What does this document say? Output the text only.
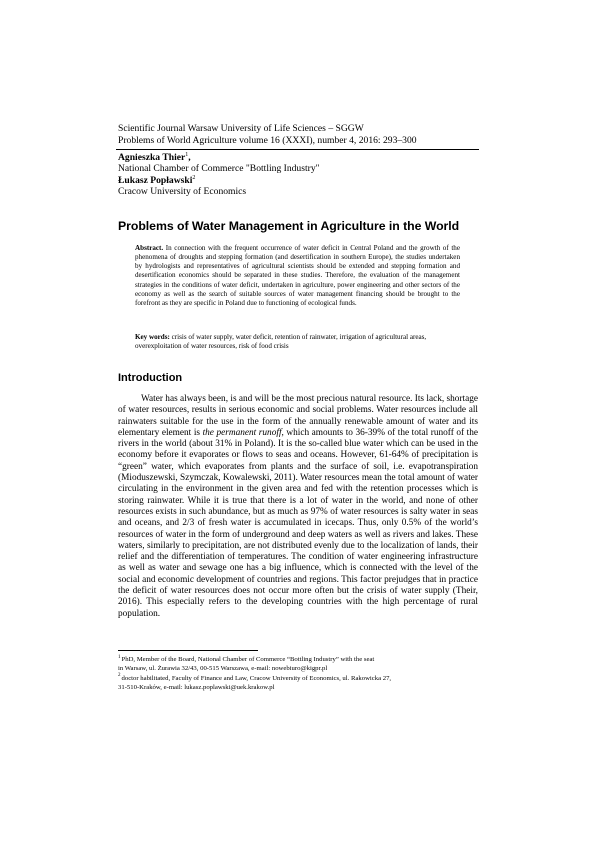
Scientific Journal Warsaw University of Life Sciences – SGGW
Problems of World Agriculture volume 16 (XXXI), number 4, 2016: 293–300
Agnieszka Thier$^1$,
National Chamber of Commerce "Bottling Industry"
Łukasz Popławski$^2$
Cracow University of Economics
Problems of Water Management in Agriculture in the World
Abstract. In connection with the frequent occurrence of water deficit in Central Poland and the growth of the phenomena of droughts and stepping formation (and desertification in southern Europe), the studies undertaken by hydrologists and representatives of agricultural scientists should be extended and stepping formation and desertification economics should be separated in these studies. Therefore, the evaluation of the management strategies in the conditions of water deficit, undertaken in agriculture, power engineering and other sectors of the economy as well as the search of suitable sources of water management financing should be brought to the forefront as they are specific in Poland due to functioning of ecological funds.
Key words: crisis of water supply, water deficit, retention of rainwater, irrigation of agricultural areas, overexploitation of water resources, risk of food crisis
Introduction
Water has always been, is and will be the most precious natural resource. Its lack, shortage of water resources, results in serious economic and social problems. Water resources include all rainwaters suitable for the use in the form of the annually renewable amount of water and its elementary element is the permanent runoff, which amounts to 36-39% of the total runoff of the rivers in the world (about 31% in Poland). It is the so-called blue water which can be used in the economy before it evaporates or flows to seas and oceans. However, 61-64% of precipitation is “green” water, which evaporates from plants and the surface of soil, i.e. evapotranspiration (Mioduszewski, Szymczak, Kowalewski, 2011). Water resources mean the total amount of water circulating in the environment in the given area and fed with the retention processes which is storing rainwater. While it is true that there is a lot of water in the world, and none of other resources exists in such abundance, but as much as 97% of water resources is salty water in seas and oceans, and 2/3 of fresh water is accumulated in icecaps. Thus, only 0.5% of the world’s resources of water in the form of underground and deep waters as well as rivers and lakes. These waters, similarly to precipitation, are not distributed evenly due to the localization of lands, their relief and the differentiation of temperatures. The condition of water engineering infrastructure as well as water and sewage one has a big influence, which is connected with the level of the social and economic development of countries and regions. This factor prejudges that in practice the deficit of water resources does not occur more often but the crisis of water supply (Their, 2016). This especially refers to the developing countries with the high percentage of rural population.
$^1$PhD, Member of the Board, National Chamber of Commerce “Bottling Industry” with the seat
in Warsaw, ul. Żurawia 32/43, 00-515 Warszawa, e-mail: nowebiuro@kigpr.pl
$^2$doctor habilitated, Faculty of Finance and Law, Cracow University of Economics, ul. Rakowicka 27,
31-510-Kraków, e-mail: lukasz.poplawski@uek.krakow.pl
